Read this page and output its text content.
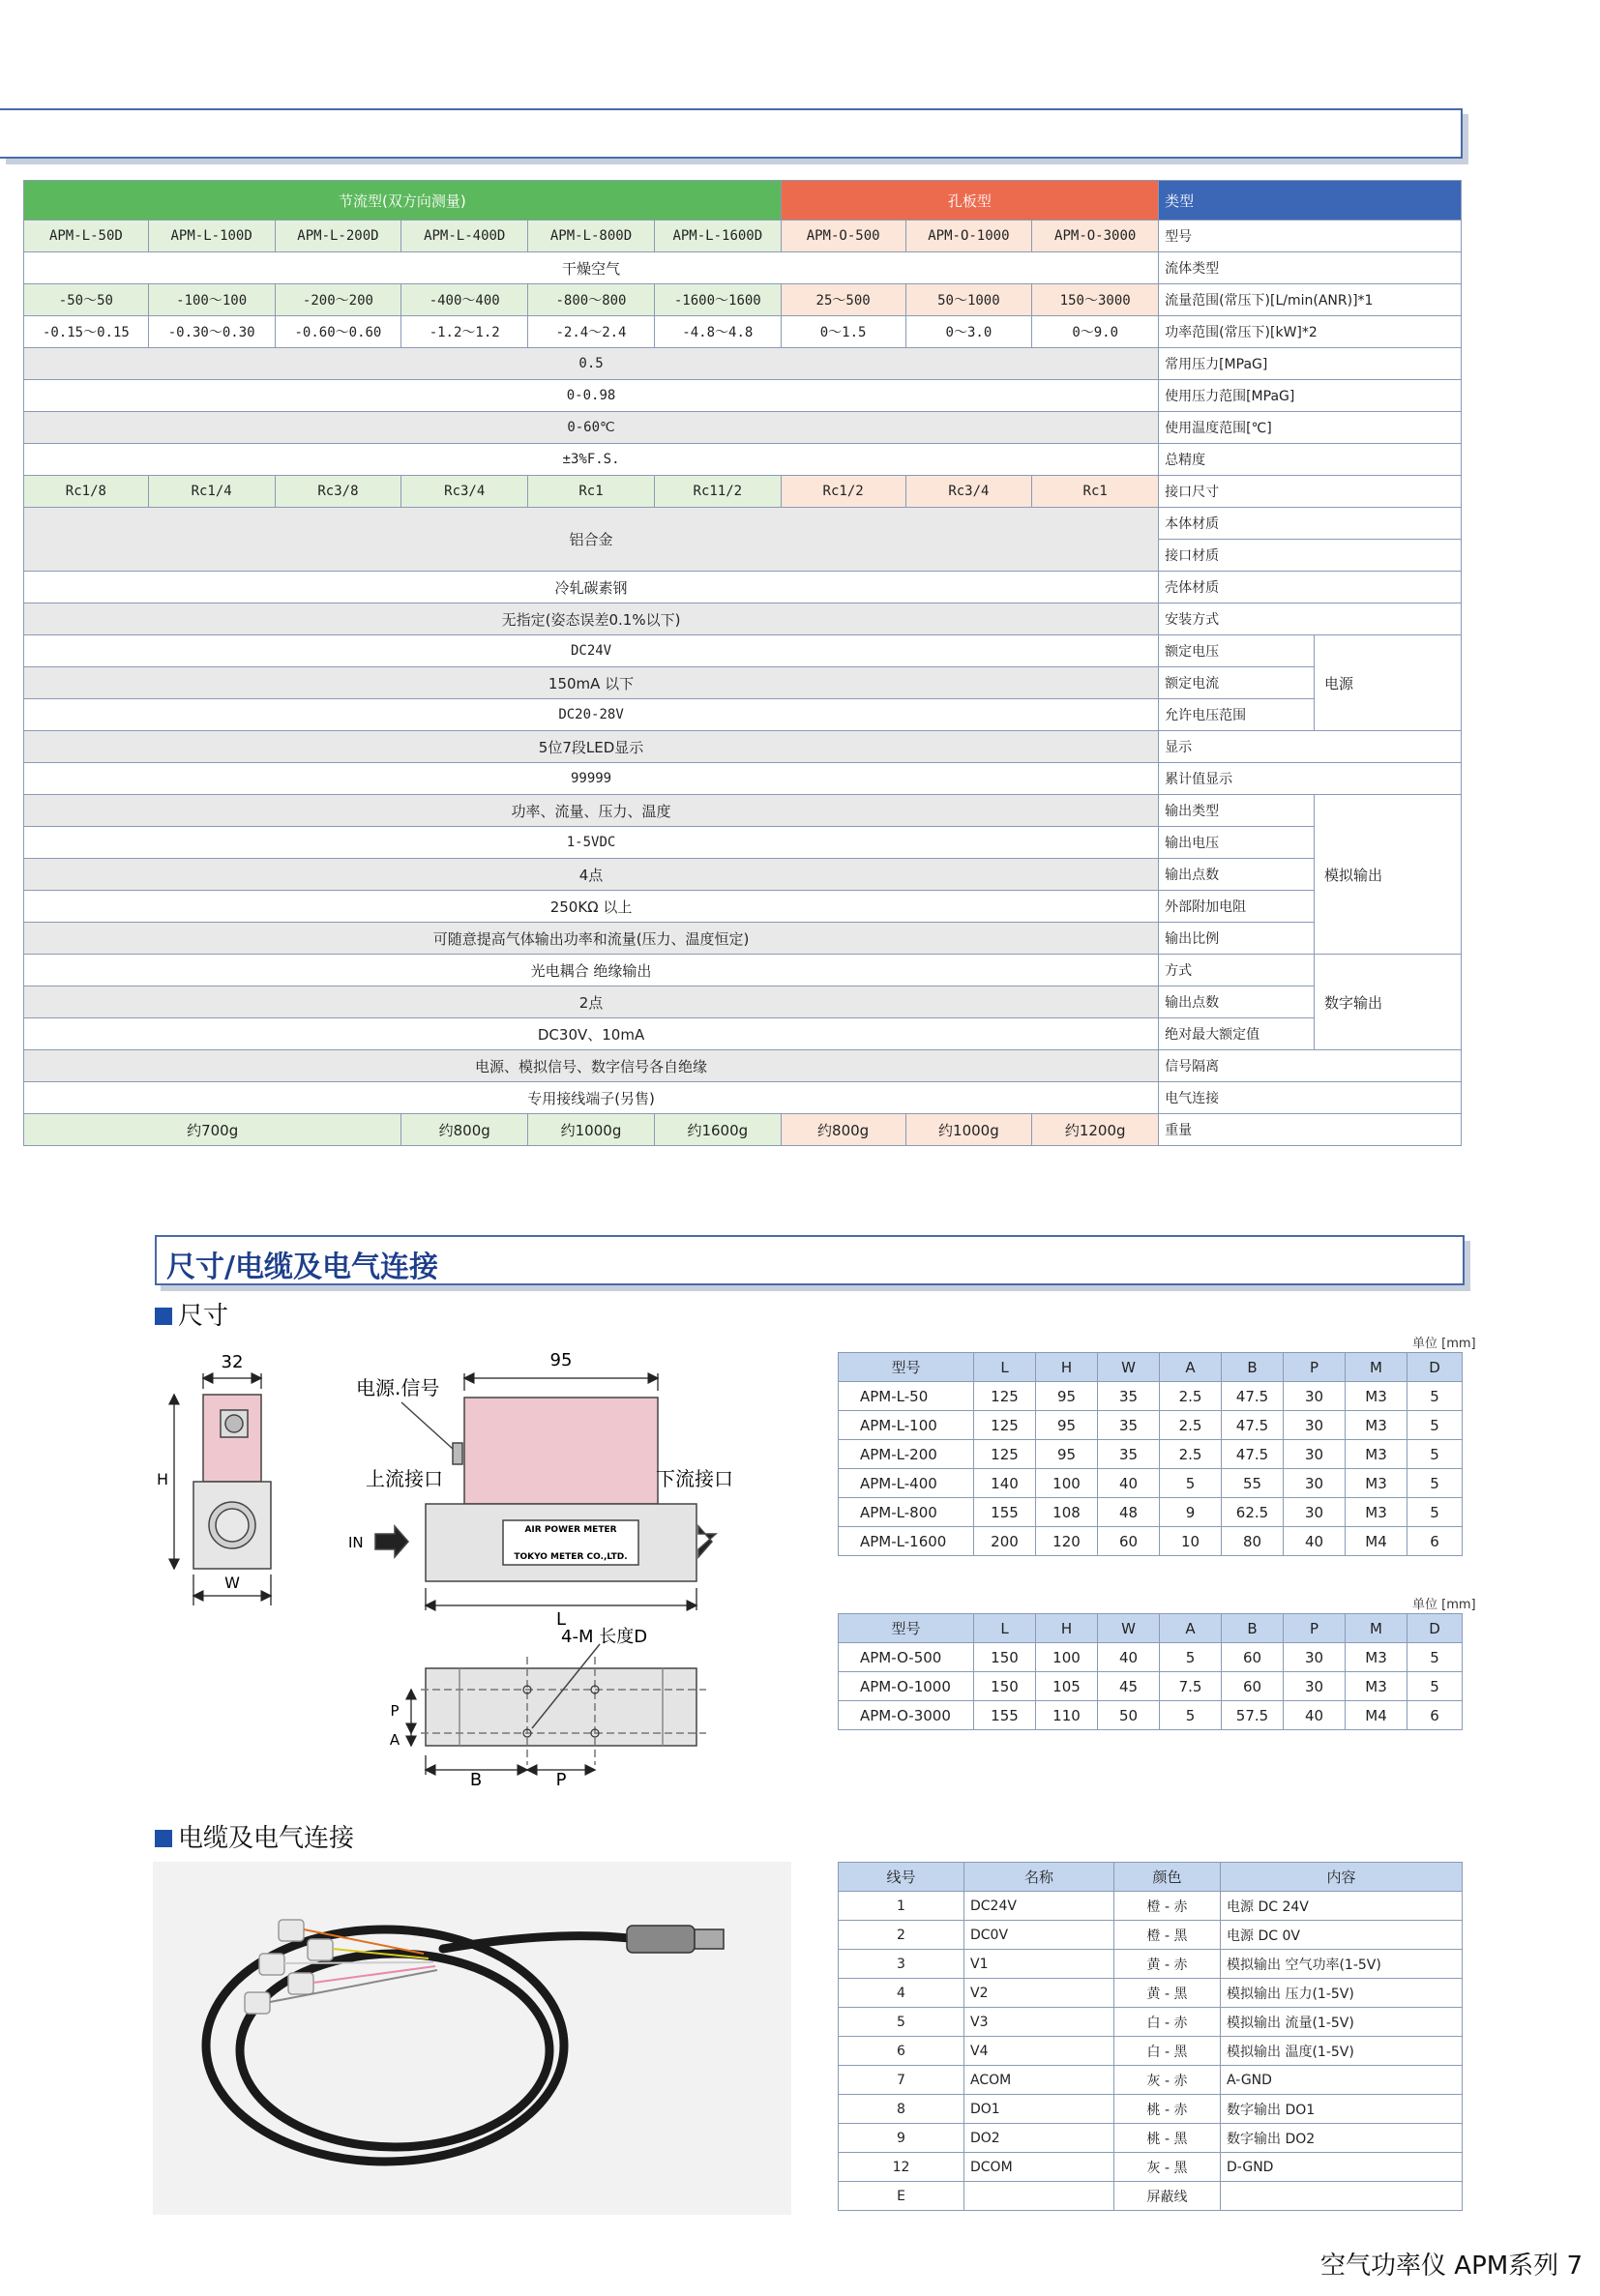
节流型(双方向测量)						孔板型			类型	
APM-L-50D	APM-L-100D	APM-L-200D	APM-L-400D	APM-L-800D	APM-L-1600D	APM-O-500	APM-O-1000	APM-O-3000	型号	
干燥空气									流体类型	
-50～50	-100～100	-200～200	-400～400	-800～800	-1600～1600	25～500	50～1000	150～3000	流量范围(常压下)[L/min(ANR)]*1	
-0.15～0.15	-0.30～0.30	-0.60～0.60	-1.2～1.2	-2.4～2.4	-4.8～4.8	0～1.5	0～3.0	0～9.0	功率范围(常压下)[kW]*2	
0.5									常用压力[MPaG]	
0-0.98									使用压力范围[MPaG]	
0-60℃									使用温度范围[℃]	
±3%F.S.									总精度	
Rc1/8	Rc1/4	Rc3/8	Rc3/4	Rc1	Rc11/2	Rc1/2	Rc3/4	Rc1	接口尺寸	
铝合金									本体材质	
									接口材质	
冷轧碳素钢									壳体材质	
无指定(姿态误差0.1%以下)									安装方式	
DC24V									额定电压	电源
150mA 以下									额定电流	
DC20-28V									允许电压范围	
5位7段LED显示									显示	
99999									累计值显示	
功率、流量、压力、温度									输出类型	模拟输出
1-5VDC									输出电压	
4点									输出点数	
250KΩ 以上									外部附加电阻	
可随意提高气体输出功率和流量(压力、温度恒定)									输出比例	
光电耦合 绝缘输出									方式	数字输出
2点									输出点数	
DC30V、10mA									绝对最大额定值	
电源、模拟信号、数字信号各自绝缘									信号隔离	
专用接线端子(另售)									电气连接	
约700g			约800g	约1000g	约1600g	约800g	约1000g	约1200g	重量	
尺寸/电缆及电气连接
尺寸
32
H
W
95
电源.信号
上流接口	下流接口
IN
AIR POWER METER
TOKYO METER CO.,LTD.
L
4-M 长度D
P
A
B	P
单位 [mm]
型号	L	H	W	A	B	P	M	D
APM-L-50	125	95	35	2.5	47.5	30	M3	5
APM-L-100	125	95	35	2.5	47.5	30	M3	5
APM-L-200	125	95	35	2.5	47.5	30	M3	5
APM-L-400	140	100	40	5	55	30	M3	5
APM-L-800	155	108	48	9	62.5	30	M3	5
APM-L-1600	200	120	60	10	80	40	M4	6
单位 [mm]
型号	L	H	W	A	B	P	M	D
APM-O-500	150	100	40	5	60	30	M3	5
APM-O-1000	150	105	45	7.5	60	30	M3	5
APM-O-3000	155	110	50	5	57.5	40	M4	6
电缆及电气连接
线号	名称	颜色	内容
1	DC24V	橙 - 赤	电源 DC 24V
2	DC0V	橙 - 黑	电源 DC 0V
3	V1	黄 - 赤	模拟输出 空气功率(1-5V)
4	V2	黄 - 黑	模拟输出 压力(1-5V)
5	V3	白 - 赤	模拟输出 流量(1-5V)
6	V4	白 - 黑	模拟输出 温度(1-5V)
7	ACOM	灰 - 赤	A-GND
8	DO1	桃 - 赤	数字输出 DO1
9	DO2	桃 - 黑	数字输出 DO2
12	DCOM	灰 - 黑	D-GND
E		屏蔽线	
空气功率仪 APM系列 7
